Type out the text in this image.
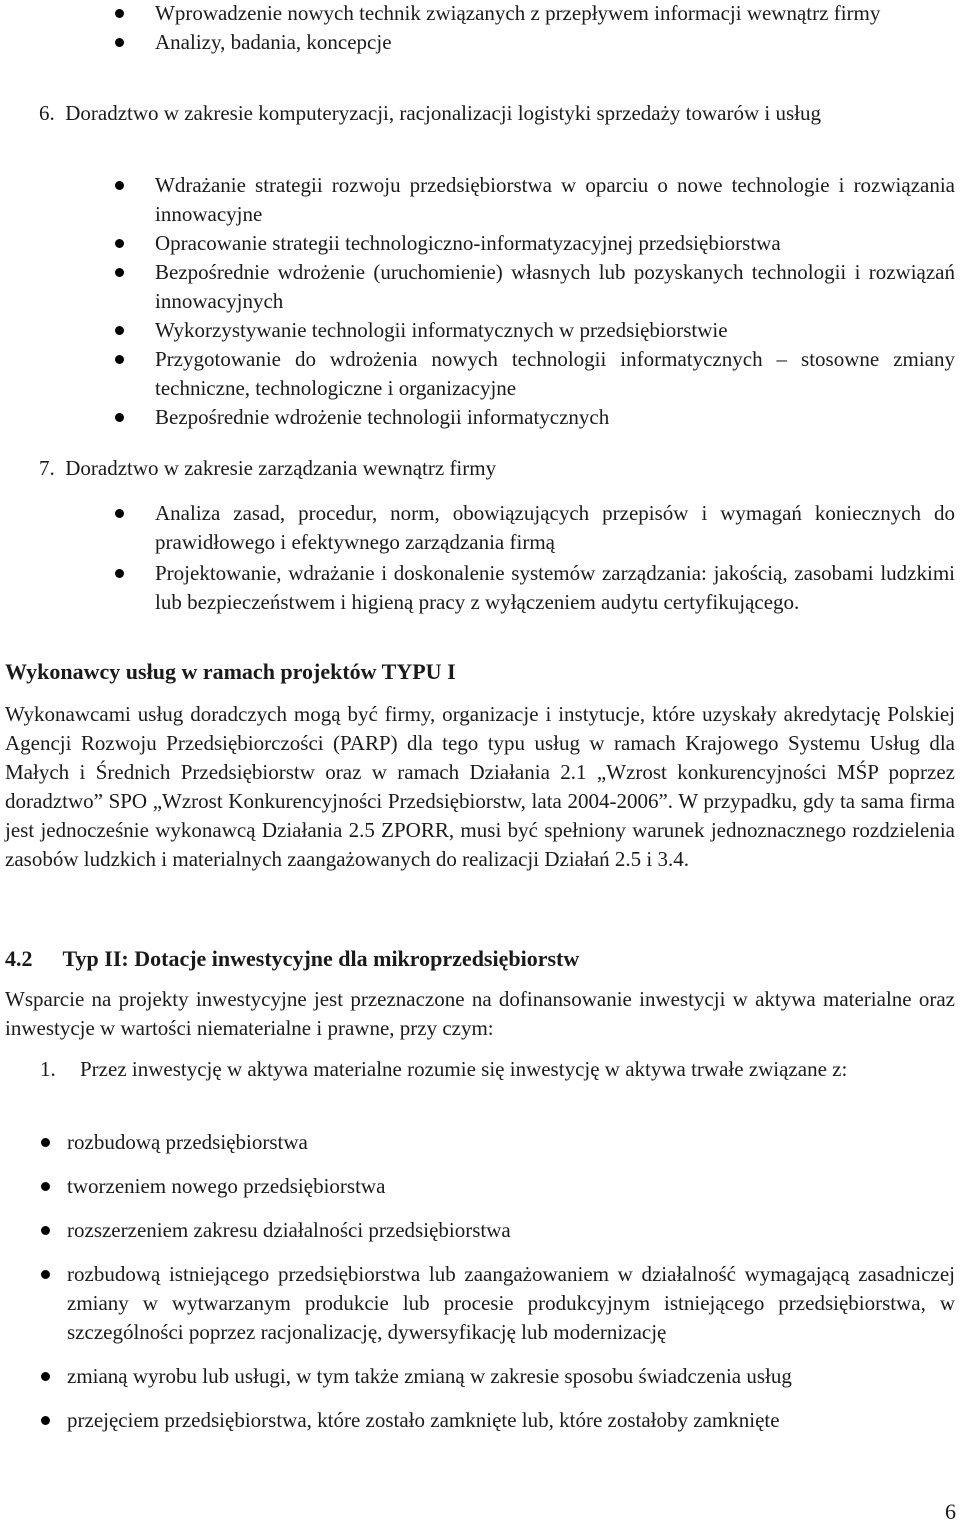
Wprowadzenie nowych technik związanych z przepływem informacji wewnątrz firmy
Analizy, badania, koncepcje
6. Doradztwo w zakresie komputeryzacji, racjonalizacji logistyki sprzedaży towarów i usług
Wdrażanie strategii rozwoju przedsiębiorstwa w oparciu o nowe technologie i rozwiązania innowacyjne
Opracowanie strategii technologiczno-informatyzacyjnej przedsiębiorstwa
Bezpośrednie wdrożenie (uruchomienie) własnych lub pozyskanych technologii i rozwiązań innowacyjnych
Wykorzystywanie technologii informatycznych w przedsiębiorstwie
Przygotowanie do wdrożenia nowych technologii informatycznych – stosowne zmiany techniczne, technologiczne i organizacyjne
Bezpośrednie wdrożenie technologii informatycznych
7. Doradztwo w zakresie zarządzania wewnątrz firmy
Analiza zasad, procedur, norm, obowiązujących przepisów i wymagań koniecznych do prawidłowego i efektywnego zarządzania firmą
Projektowanie, wdrażanie i doskonalenie systemów zarządzania: jakością, zasobami ludzkimi lub bezpieczeństwem i higieną pracy z wyłączeniem audytu certyfikującego.
Wykonawcy usług w ramach projektów TYPU I
Wykonawcami usług doradczych mogą być firmy, organizacje i instytucje, które uzyskały akredytację Polskiej Agencji Rozwoju Przedsiębiorczości (PARP) dla tego typu usług w ramach Krajowego Systemu Usług dla Małych i Średnich Przedsiębiorstw oraz w ramach Działania 2.1 „Wzrost konkurencyjności MŚP poprzez doradztwo” SPO „Wzrost Konkurencyjności Przedsiębiorstw, lata 2004-2006”. W przypadku, gdy ta sama firma jest jednocześnie wykonawcą Działania 2.5 ZPORR, musi być spełniony warunek jednoznacznego rozdzielenia zasobów ludzkich i materialnych zaangażowanych do realizacji Działań 2.5 i 3.4.
4.2 Typ II: Dotacje inwestycyjne dla mikroprzedsiębiorstw
Wsparcie na projekty inwestycyjne jest przeznaczone na dofinansowanie inwestycji w aktywa materialne oraz inwestycje w wartości niematerialne i prawne, przy czym:
1. Przez inwestycję w aktywa materialne rozumie się inwestycję w aktywa trwałe związane z:
rozbudową przedsiębiorstwa
tworzeniem nowego przedsiębiorstwa
rozszerzeniem zakresu działalności przedsiębiorstwa
rozbudową istniejącego przedsiębiorstwa lub zaangażowaniem w działalność wymagającą zasadniczej zmiany w wytwarzanym produkcie lub procesie produkcyjnym istniejącego przedsiębiorstwa, w szczególności poprzez racjonalizację, dywersyfikację lub modernizację
zmianą wyrobu lub usługi, w tym także zmianą w zakresie sposobu świadczenia usług
przejęciem przedsiębiorstwa, które zostało zamknięte lub, które zostałoby zamknięte
6
